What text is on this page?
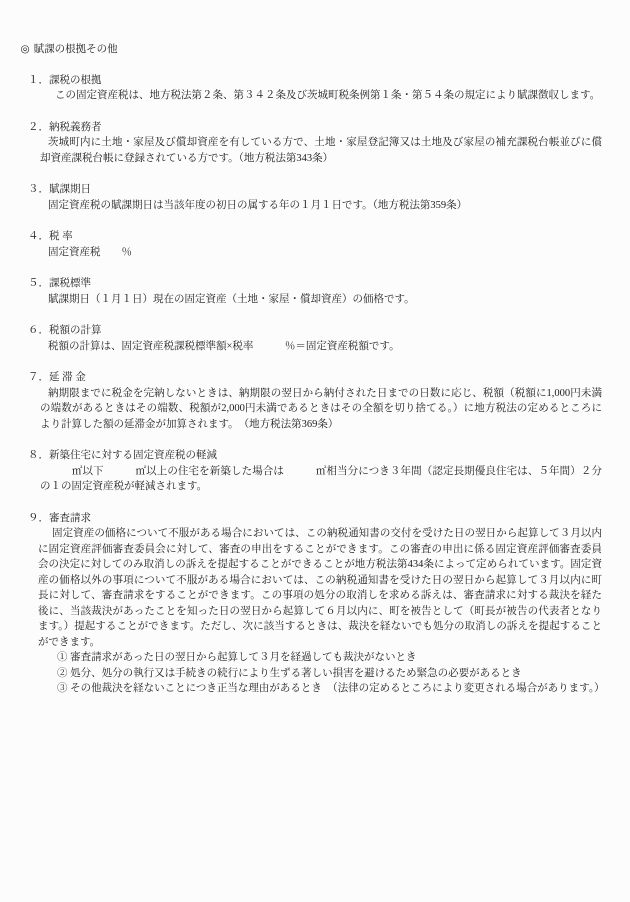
◎ 賦課の根拠その他

１．課税の根拠
この固定資産税は、地方税法第２条、第３４２条及び茨城町税条例第１条・第５４条の規定により賦課徴収します。
２．納税義務者
茨城町内に土地・家屋及び償却資産を有している方で、土地・家屋登記簿又は土地及び家屋の補充課税台帳並びに償却資産課税台帳に登録されている方です。（地方税法第343条）
３．賦課期日
固定資産税の賦課期日は当該年度の初日の属する年の１月１日です。（地方税法第359条）
４．税 率
固定資産税　　％
５．課税標準
賦課期日（１月１日）現在の固定資産（土地・家屋・償却資産）の価格です。
６．税額の計算
税額の計算は、固定資産税課税標準額×税率　　　％＝固定資産税額です。
７．延 滞 金
納期限までに税金を完納しないときは、納期限の翌日から納付された日までの日数に応じ、税額（税額に1,000円未満の端数があるときはその端数、税額が2,000円未満であるときはその全額を切り捨てる。）に地方税法の定めるところにより計算した額の延滞金が加算されます。　（地方税法第369条）
８．新築住宅に対する固定資産税の軽減
　　　㎡以下　　　㎡以上の住宅を新築した場合は　　　㎡相当分につき３年間（認定長期優良住宅は、５年間）２分の１の固定資産税が軽減されます。
９．審査請求
固定資産の価格について不服がある場合においては、この納税通知書の交付を受けた日の翌日から起算して３月以内に固定資産評価審査委員会に対して、審査の申出をすることができます。この審査の申出に係る固定資産評価審査委員会の決定に対してのみ取消しの訴えを提起することができることが地方税法第434条によって定められています。固定資産の価格以外の事項について不服がある場合においては、この納税通知書を受けた日の翌日から起算して３月以内に町長に対して、審査請求をすることができます。この事項の処分の取消しを求める訴えは、審査請求に対する裁決を経た後に、当該裁決があったことを知った日の翌日から起算して６月以内に、町を被告として（町長が被告の代表者となります。）提起することができます。ただし、次に該当するときは、裁決を経ないでも処分の取消しの訴えを提起することができます。
① 審査請求があった日の翌日から起算して３月を経過しても裁決がないとき
② 処分、処分の執行又は手続きの続行により生ずる著しい損害を避けるため緊急の必要があるとき
③ その他裁決を経ないことにつき正当な理由があるとき　（法律の定めるところにより変更される場合があります。）
